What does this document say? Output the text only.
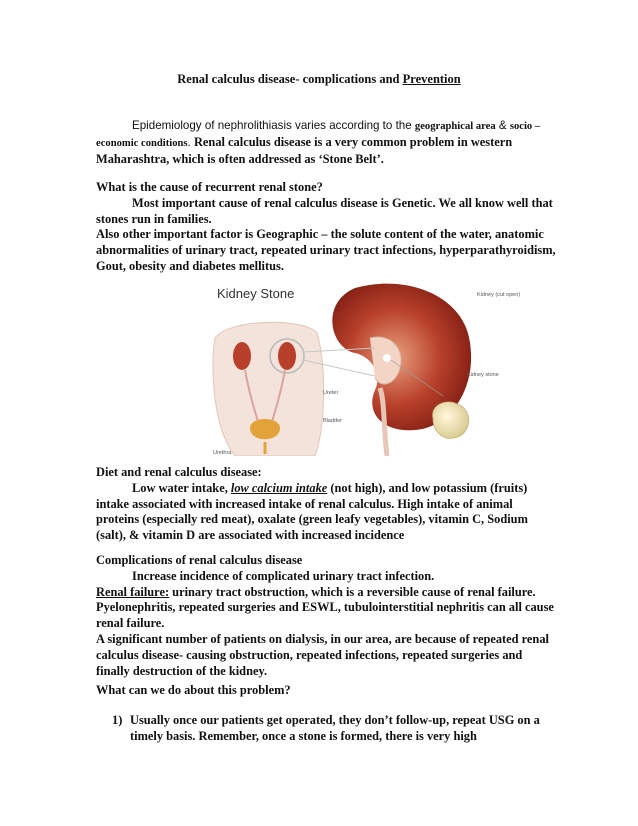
Renal calculus disease- complications and Prevention

Epidemiology of nephrolithiasis varies according to the geographical area & socio – economic conditions. Renal calculus disease is a very common problem in western Maharashtra, which is often addressed as ‘Stone Belt’.

What is the cause of recurrent renal stone?

Most important cause of renal calculus disease is Genetic. We all know well that stones run in families.

Also other important factor is Geographic – the solute content of the water, anatomic abnormalities of urinary tract, repeated urinary tract infections, hyperparathyroidism, Gout, obesity and diabetes mellitus.

Kidney Stone	Kidney (cut open)
Kidney stone
Ureter
Bladder
Urethra

Diet and renal calculus disease:

Low water intake, low calcium intake (not high), and low potassium (fruits) intake associated with increased intake of renal calculus. High intake of animal proteins (especially red meat), oxalate (green leafy vegetables), vitamin C, Sodium (salt), & vitamin D are associated with increased incidence

Complications of renal calculus disease

Increase incidence of complicated urinary tract infection.

Renal failure: urinary tract obstruction, which is a reversible cause of renal failure. Pyelonephritis, repeated surgeries and ESWL, tubulointerstitial nephritis can all cause renal failure.

A significant number of patients on dialysis, in our area, are because of repeated renal calculus disease- causing obstruction, repeated infections, repeated surgeries and finally destruction of the kidney.

What can we do about this problem?

1) Usually once our patients get operated, they don’t follow-up, repeat USG on a timely basis. Remember, once a stone is formed, there is very high
